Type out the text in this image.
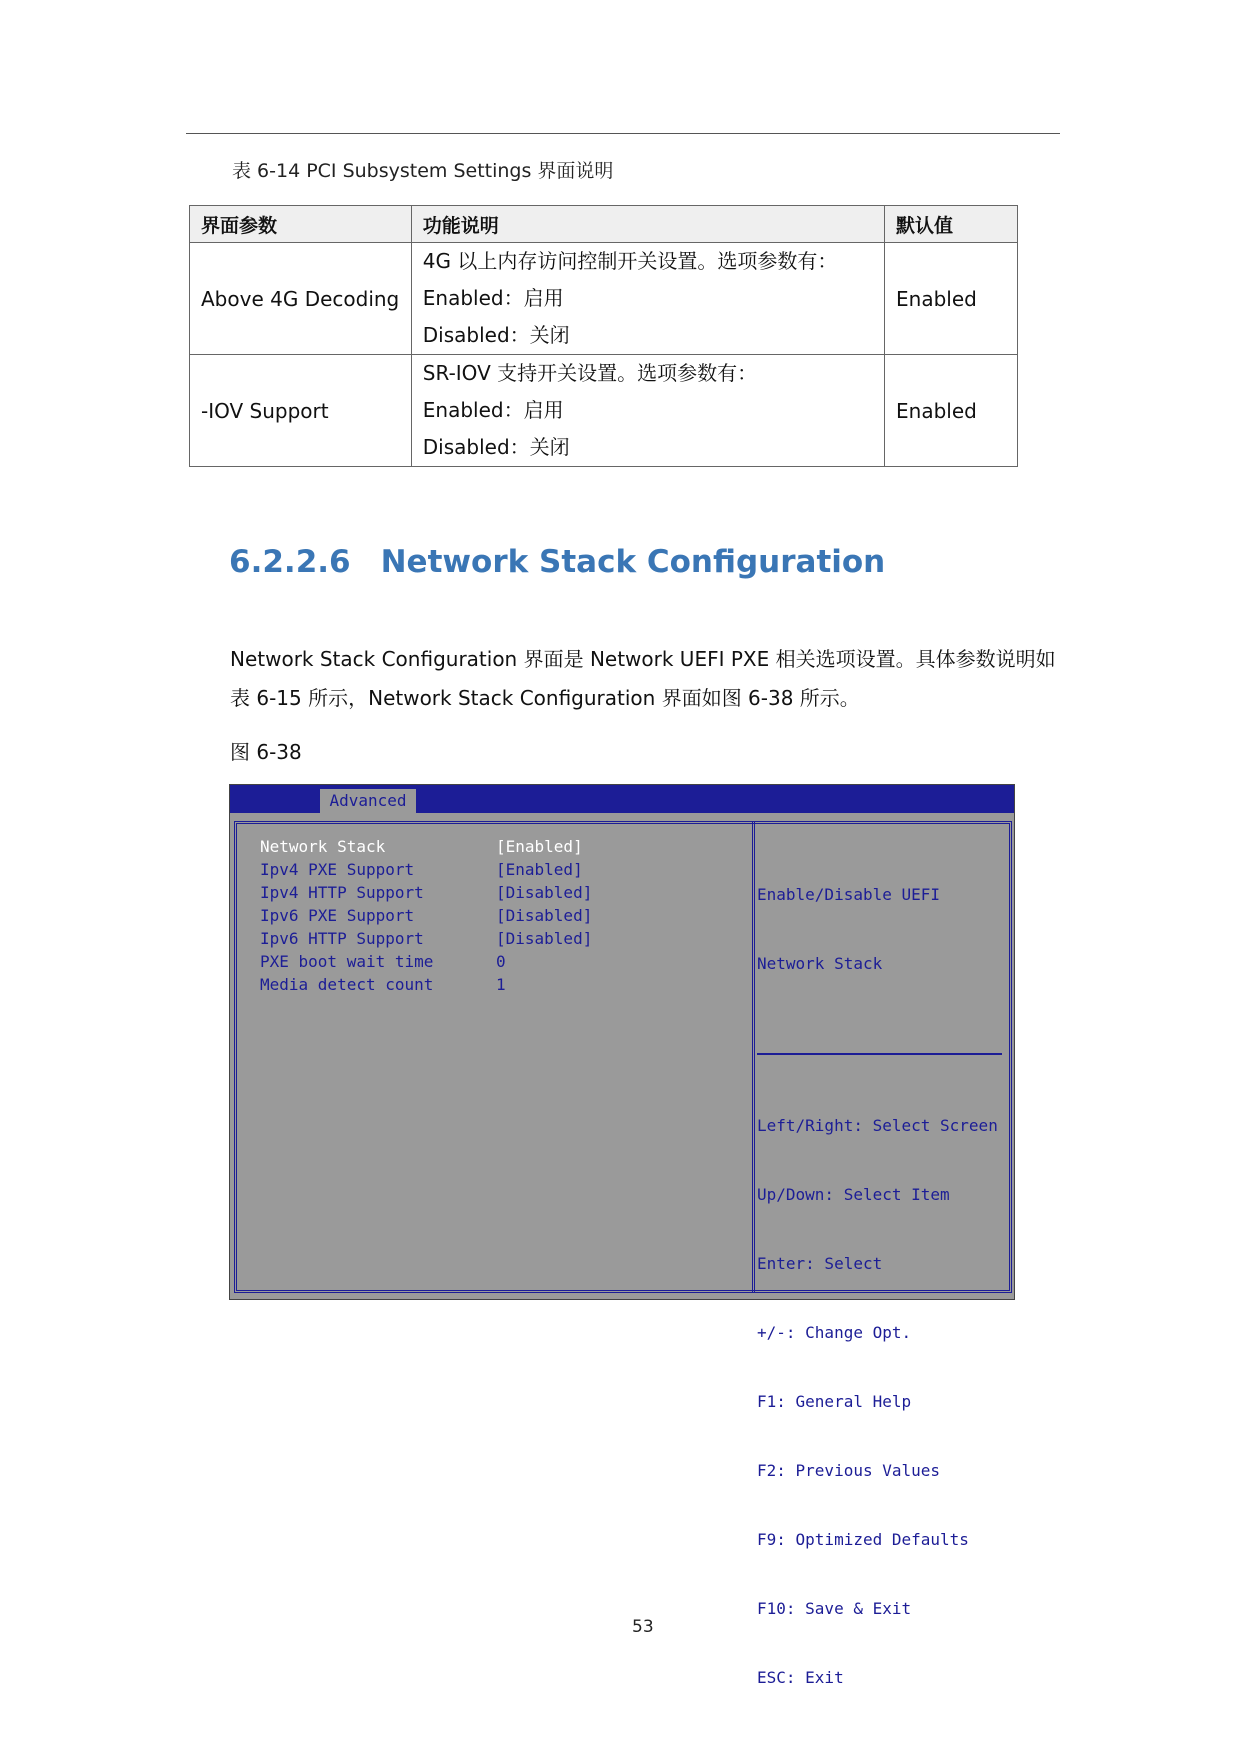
表 6-14 PCI Subsystem Settings 界面说明
界面参数	功能说明	默认值
Above 4G Decoding	4G 以上内存访问控制开关设置。选项参数有：
Enabled：启用
Disabled：关闭	Enabled
-IOV Support	SR-IOV 支持开关设置。选项参数有：
Enabled：启用
Disabled：关闭	Enabled
6.2.2.6 Network Stack Configuration
Network Stack Configuration 界面是 Network UEFI PXE 相关选项设置。具体参数说明如表 6-15 所示，Network Stack Configuration 界面如图 6-38 所示。
图 6-38
Advanced
Network Stack	[Enabled]
Ipv4 PXE Support	[Enabled]
Ipv4 HTTP Support	[Disabled]
Ipv6 PXE Support	[Disabled]
Ipv6 HTTP Support	[Disabled]
PXE boot wait time	0
Media detect count	1

Enable/Disable UEFI

Network Stack

Left/Right: Select Screen

Up/Down: Select Item

Enter: Select

+/-: Change Opt.

F1: General Help

F2: Previous Values

F9: Optimized Defaults

F10: Save & Exit

ESC: Exit

53
